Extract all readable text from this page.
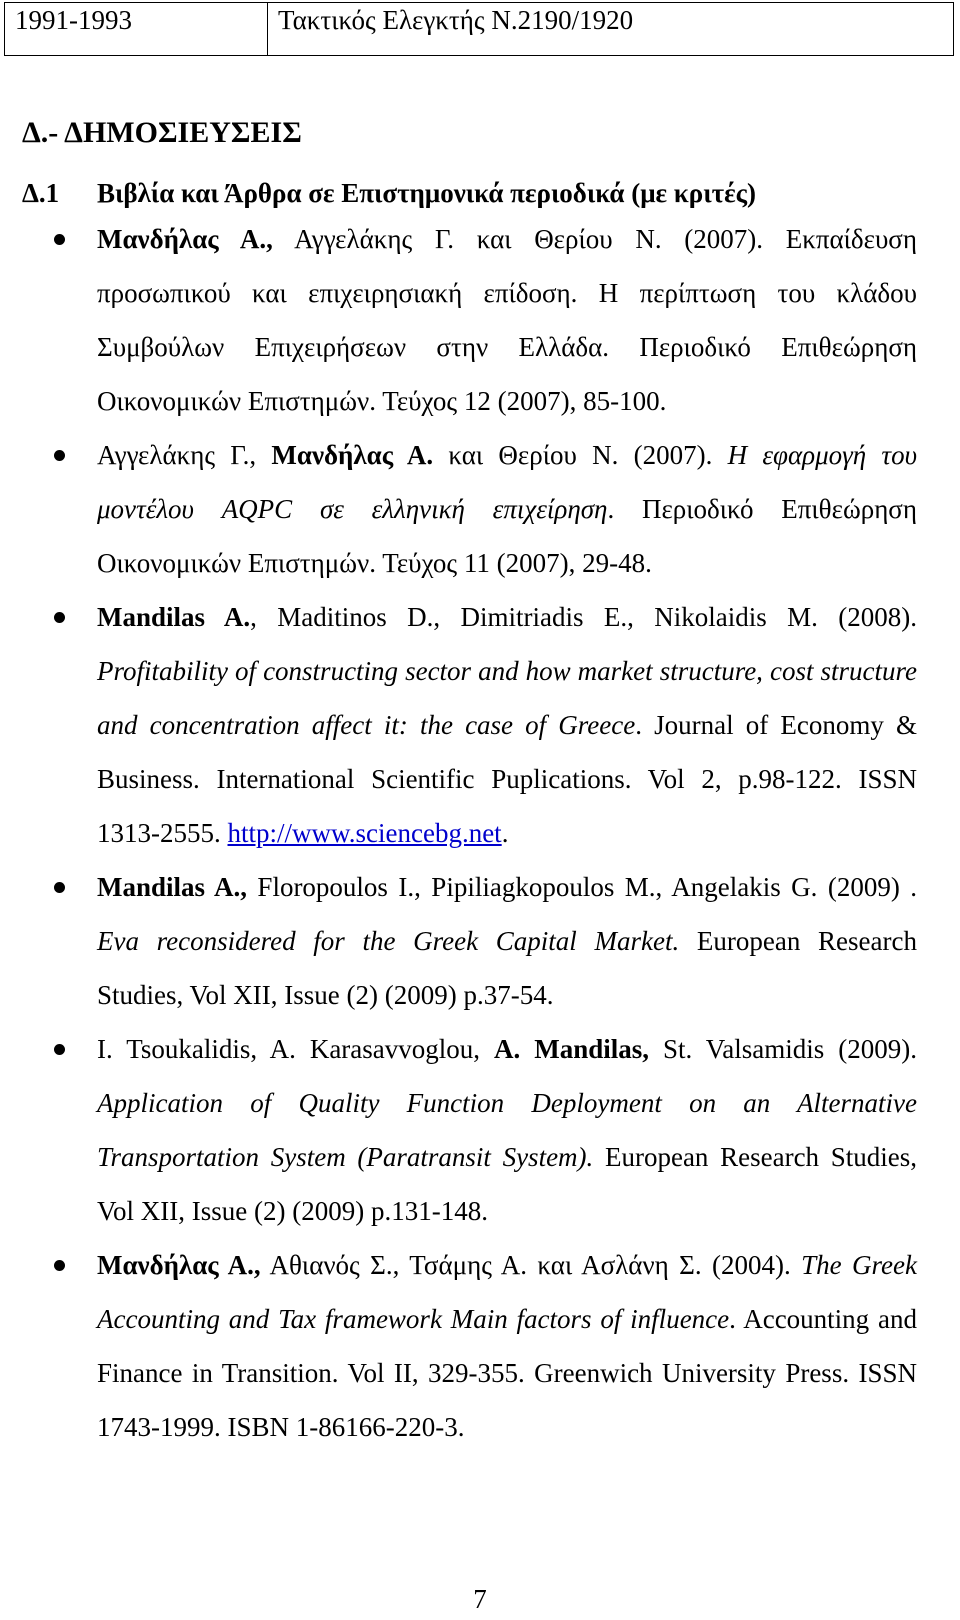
1991-1993	Τακτικός Ελεγκτής Ν.2190/1920
Δ.- ΔΗΜΟΣΙΕΥΣΕΙΣ
Δ.1	Βιβλία και Άρθρα σε Επιστημονικά περιοδικά (με κριτές)
Μανδήλας Α., Αγγελάκης Γ. και Θερίου Ν. (2007). Εκπαίδευση προσωπικού και επιχειρησιακή επίδοση. Η περίπτωση του κλάδου Συμβούλων Επιχειρήσεων στην Ελλάδα. Περιοδικό Επιθεώρηση Οικονομικών Επιστημών. Τεύχος 12 (2007), 85-100.
Αγγελάκης Γ., Μανδήλας Α. και Θερίου Ν. (2007). Η εφαρμογή του μοντέλου AQPC σε ελληνική επιχείρηση. Περιοδικό Επιθεώρηση Οικονομικών Επιστημών. Τεύχος 11 (2007), 29-48.
Mandilas A., Maditinos D., Dimitriadis E., Nikolaidis M. (2008). Profitability of constructing sector and how market structure, cost structure and concentration affect it: the case of Greece. Journal of Economy & Business. International Scientific Puplications. Vol 2, p.98-122. ISSN 1313-2555. http://www.sciencebg.net.
Mandilas A., Floropoulos I., Pipiliagkopoulos M., Angelakis G. (2009) . Eva reconsidered for the Greek Capital Market. European Research Studies, Vol XII, Issue (2) (2009) p.37-54.
I. Tsoukalidis, A. Karasavvoglou, A. Mandilas, St. Valsamidis (2009). Application of Quality Function Deployment on an Alternative Transportation System (Paratransit System). European Research Studies, Vol XII, Issue (2) (2009) p.131-148.
Μανδήλας Α., Αθιανός Σ., Τσάμης Α. και Ασλάνη Σ. (2004). The Greek Accounting and Tax framework Main factors of influence. Accounting and Finance in Transition. Vol II, 329-355. Greenwich University Press. ISSN 1743-1999. ISBN 1-86166-220-3.
7
